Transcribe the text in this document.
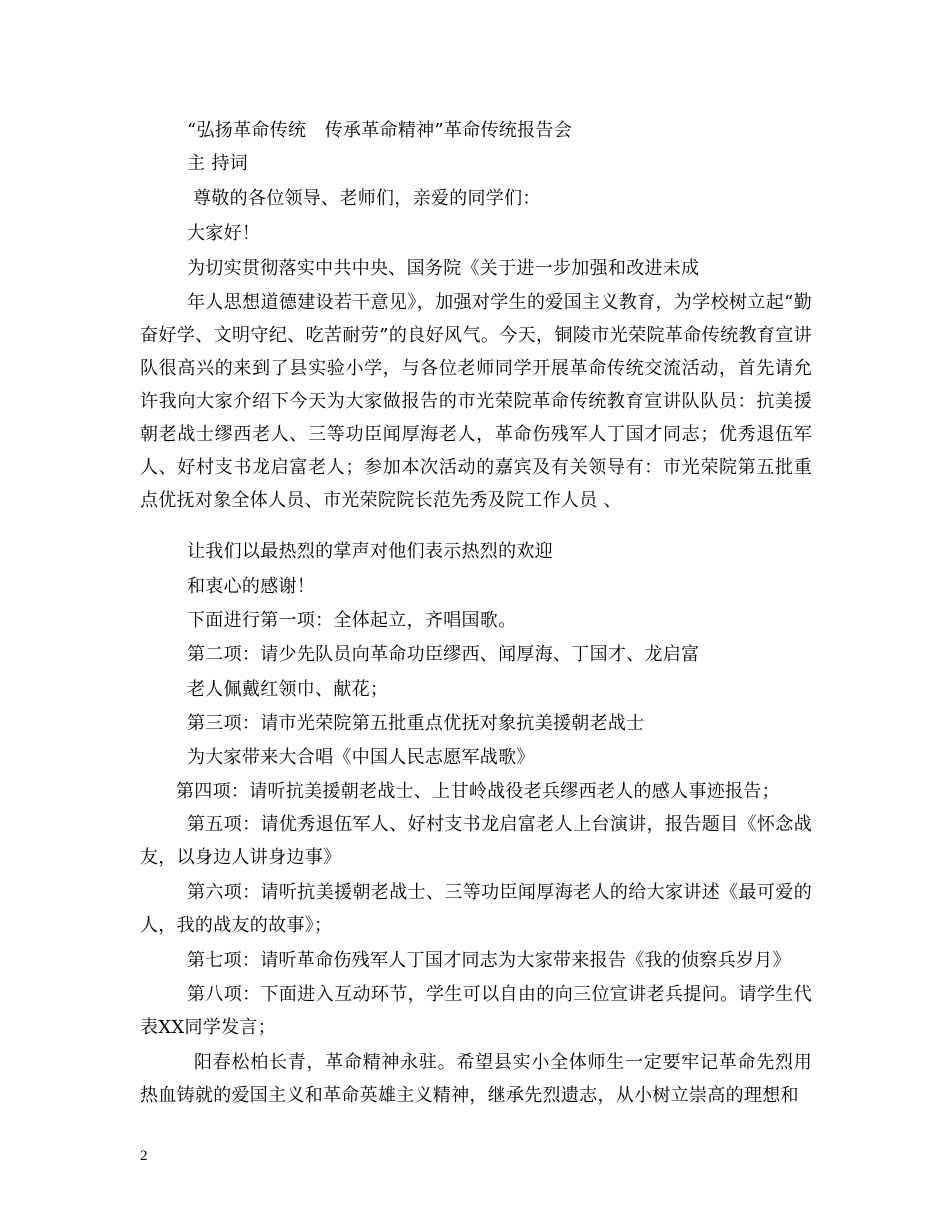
“弘扬革命传统　传承革命精神”革命传统报告会
主 持词
尊敬的各位领导、老师们，亲爱的同学们：
大家好！
为切实贯彻落实中共中央、国务院《关于进一步加强和改进未成
年人思想道德建设若干意见》，加强对学生的爱国主义教育，为学校树立起“勤奋好学、文明守纪、吃苦耐劳”的良好风气。今天，铜陵市光荣院革命传统教育宣讲队很高兴的来到了县实验小学，与各位老师同学开展革命传统交流活动，首先请允许我向大家介绍下今天为大家做报告的市光荣院革命传统教育宣讲队队员：抗美援朝老战士缪西老人、三等功臣闻厚海老人，革命伤残军人丁国才同志；优秀退伍军人、好村支书龙启富老人；参加本次活动的嘉宾及有关领导有：市光荣院第五批重点优抚对象全体人员、市光荣院院长范先秀及院工作人员 、
让我们以最热烈的掌声对他们表示热烈的欢迎
和衷心的感谢！
下面进行第一项：全体起立，齐唱国歌。
第二项：请少先队员向革命功臣缪西、闻厚海、丁国才、龙启富
老人佩戴红领巾、献花；
第三项：请市光荣院第五批重点优抚对象抗美援朝老战士
为大家带来大合唱《中国人民志愿军战歌》
第四项：请听抗美援朝老战士、上甘岭战役老兵缪西老人的感人事迹报告；
第五项：请优秀退伍军人、好村支书龙启富老人上台演讲，报告题目《怀念战友，以身边人讲身边事》
第六项：请听抗美援朝老战士、三等功臣闻厚海老人的给大家讲述《最可爱的人，我的战友的故事》；
第七项：请听革命伤残军人丁国才同志为大家带来报告《我的侦察兵岁月》
第八项：下面进入互动环节，学生可以自由的向三位宣讲老兵提问。请学生代表XX同学发言；
阳春松柏长青，革命精神永驻。希望县实小全体师生一定要牢记革命先烈用热血铸就的爱国主义和革命英雄主义精神，继承先烈遗志，从小树立崇高的理想和
2
